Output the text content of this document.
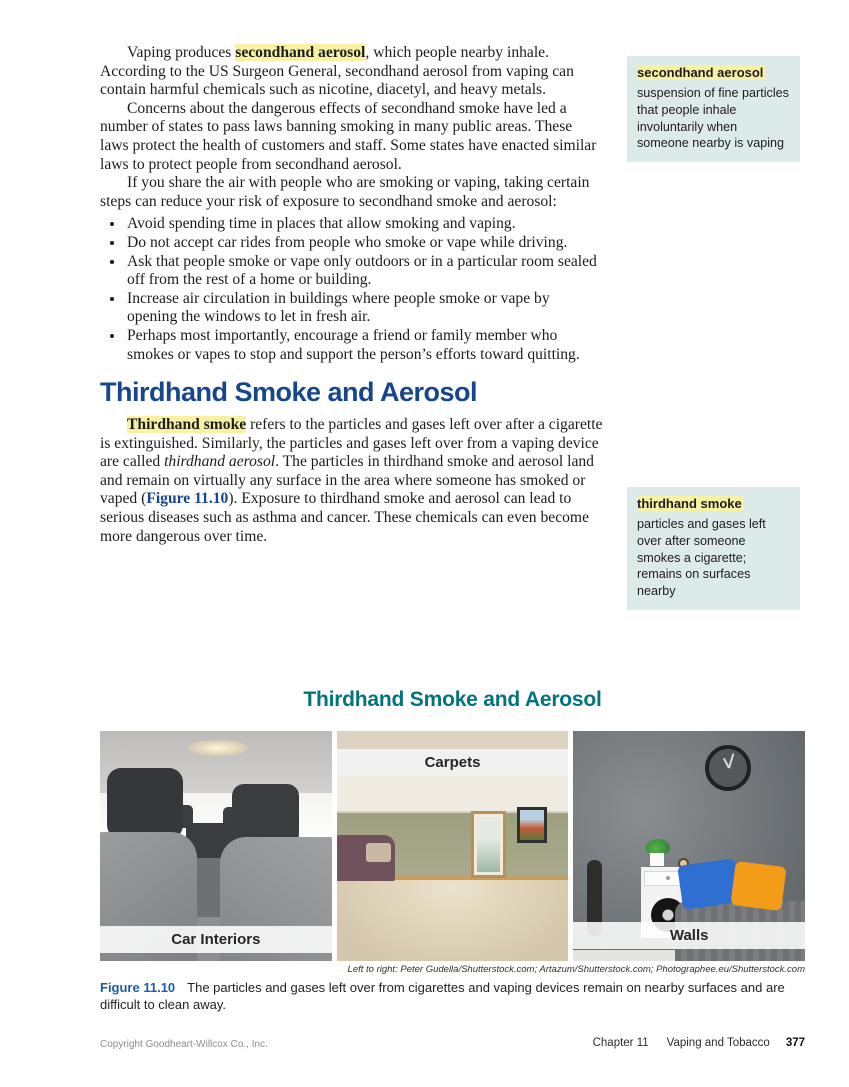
Vaping produces secondhand aerosol, which people nearby inhale. According to the US Surgeon General, secondhand aerosol from vaping can contain harmful chemicals such as nicotine, diacetyl, and heavy metals.

Concerns about the dangerous effects of secondhand smoke have led a number of states to pass laws banning smoking in many public areas. These laws protect the health of customers and staff. Some states have enacted similar laws to protect people from secondhand aerosol.

If you share the air with people who are smoking or vaping, taking certain steps can reduce your risk of exposure to secondhand smoke and aerosol:

• Avoid spending time in places that allow smoking and vaping.
• Do not accept car rides from people who smoke or vape while driving.
• Ask that people smoke or vape only outdoors or in a particular room sealed off from the rest of a home or building.
• Increase air circulation in buildings where people smoke or vape by opening the windows to let in fresh air.
• Perhaps most importantly, encourage a friend or family member who smokes or vapes to stop and support the person’s efforts toward quitting.
Thirdhand Smoke and Aerosol

Thirdhand smoke refers to the particles and gases left over after a cigarette is extinguished. Similarly, the particles and gases left over from a vaping device are called thirdhand aerosol. The particles in thirdhand smoke and aerosol land and remain on virtually any surface in the area where someone has smoked or vaped (Figure 11.10). Exposure to thirdhand smoke and aerosol can lead to serious diseases such as asthma and cancer. These chemicals can even become more dangerous over time.

secondhand aerosol
suspension of fine particles that people inhale involuntarily when someone nearby is vaping
thirdhand smoke
particles and gases left over after someone smokes a cigarette; remains on surfaces nearby
Thirdhand Smoke and Aerosol
Car Interiors
Carpets
Walls
Left to right: Peter Gudella/Shutterstock.com; Artazum/Shutterstock.com; Photographee.eu/Shutterstock.com
Figure 11.10 The particles and gases left over from cigarettes and vaping devices remain on nearby surfaces and are difficult to clean away.
Copyright Goodheart-Willcox Co., Inc.	Chapter 11 Vaping and Tobacco 377
